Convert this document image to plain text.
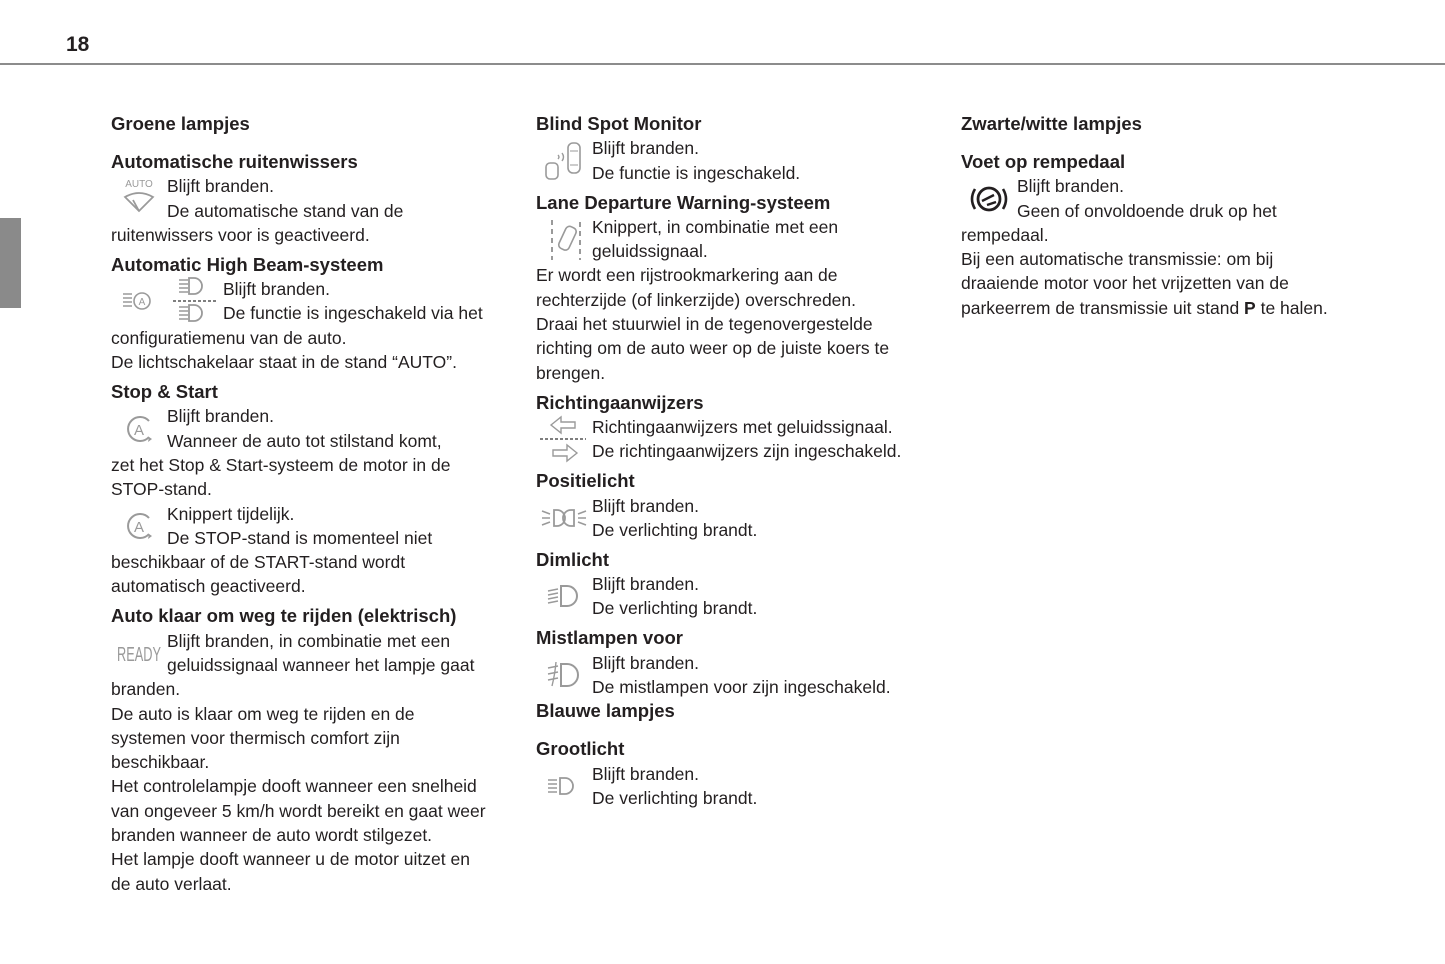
18
Groene lampjes
Automatische ruitenwissers
AUTO Blijft branden.
De automatische stand van de
ruitenwissers voor is geactiveerd.
Automatic High Beam-systeem
A
Blijft branden.
De functie is ingeschakeld via het
configuratiemenu van de auto.
De lichtschakelaar staat in de stand “AUTO”.
Stop & Start
A
Blijft branden.
Wanneer de auto tot stilstand komt,
zet het Stop & Start-systeem de motor in de
STOP-stand.
A
Knippert tijdelijk.
De STOP-stand is momenteel niet
beschikbaar of de START-stand wordt
automatisch geactiveerd.
Auto klaar om weg te rijden (elektrisch)
READY
Blijft branden, in combinatie met een
geluidssignaal wanneer het lampje gaat
branden.
De auto is klaar om weg te rijden en de
systemen voor thermisch comfort zijn
beschikbaar.
Het controlelampje dooft wanneer een snelheid
van ongeveer 5 km/h wordt bereikt en gaat weer
branden wanneer de auto wordt stilgezet.
Het lampje dooft wanneer u de motor uitzet en
de auto verlaat.
Blind Spot Monitor
Blijft branden.
De functie is ingeschakeld.
Lane Departure Warning-systeem
Knippert, in combinatie met een
geluidssignaal.
Er wordt een rijstrookmarkering aan de
rechterzijde (of linkerzijde) overschreden.
Draai het stuurwiel in de tegenovergestelde
richting om de auto weer op de juiste koers te
brengen.
Richtingaanwijzers
Richtingaanwijzers met geluidssignaal.
De richtingaanwijzers zijn ingeschakeld.
Positielicht
Blijft branden.
De verlichting brandt.
Dimlicht
Blijft branden.
De verlichting brandt.
Mistlampen voor
Blijft branden.
De mistlampen voor zijn ingeschakeld.
Blauwe lampjes
Grootlicht
Blijft branden.
De verlichting brandt.
Zwarte/witte lampjes
Voet op rempedaal
Blijft branden.
Geen of onvoldoende druk op het
rempedaal.
Bij een automatische transmissie: om bij
draaiende motor voor het vrijzetten van de
parkeerrem de transmissie uit stand P te halen.
